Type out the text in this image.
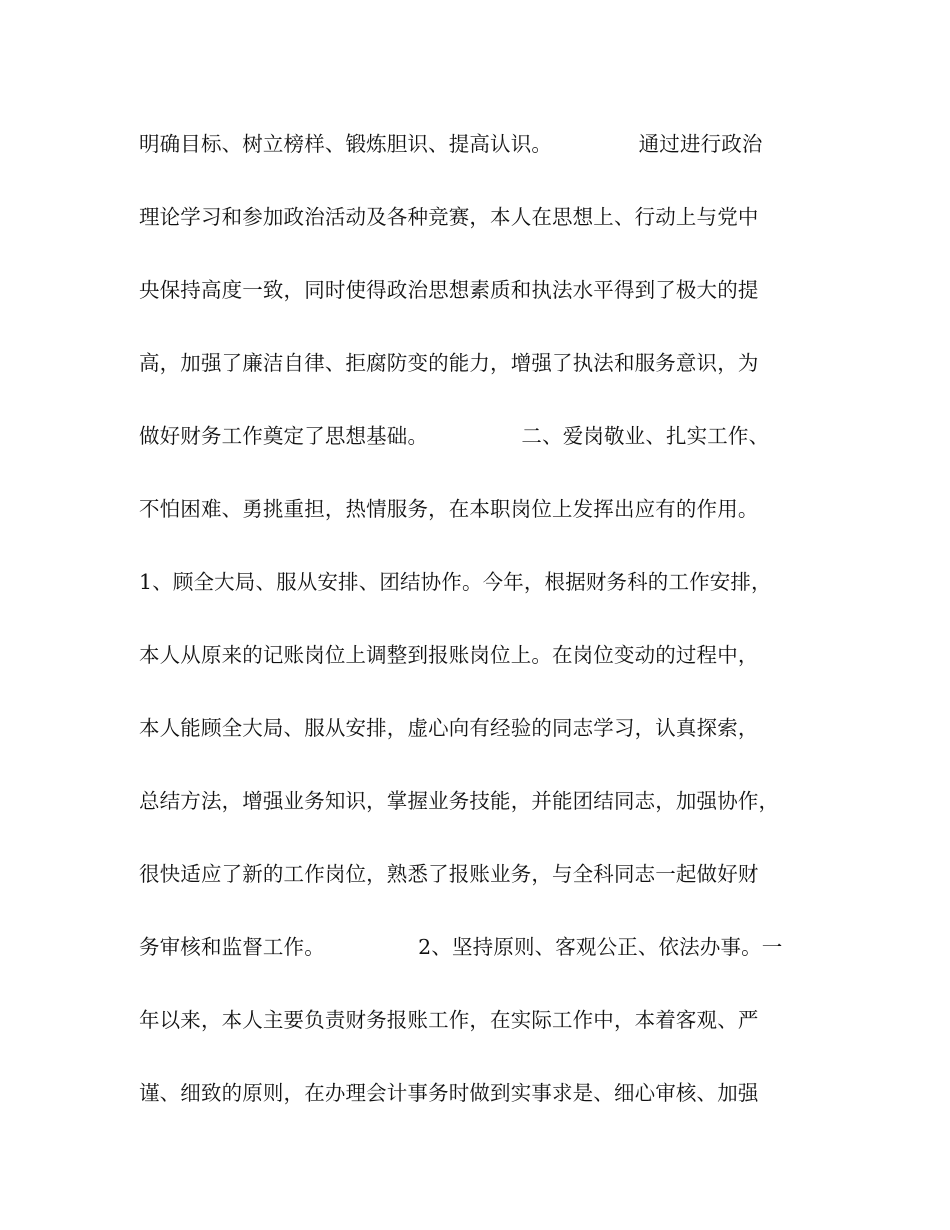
明确目标、树立榜样、锻炼胆识、提高认识。             通过进行政治
理论学习和参加政治活动及各种竞赛，本人在思想上、行动上与党中
央保持高度一致，同时使得政治思想素质和执法水平得到了极大的提
高，加强了廉洁自律、拒腐防变的能力，增强了执法和服务意识，为
做好财务工作奠定了思想基础。              二、爱岗敬业、扎实工作、
不怕困难、勇挑重担，热情服务，在本职岗位上发挥出应有的作用。
1、顾全大局、服从安排、团结协作。今年，根据财务科的工作安排，
本人从原来的记账岗位上调整到报账岗位上。在岗位变动的过程中，
本人能顾全大局、服从安排，虚心向有经验的同志学习，认真探索，
总结方法，增强业务知识，掌握业务技能，并能团结同志，加强协作，
很快适应了新的工作岗位，熟悉了报账业务，与全科同志一起做好财
务审核和监督工作。              2、坚持原则、客观公正、依法办事。一
年以来，本人主要负责财务报账工作，在实际工作中，本着客观、严
谨、细致的原则，在办理会计事务时做到实事求是、细心审核、加强
